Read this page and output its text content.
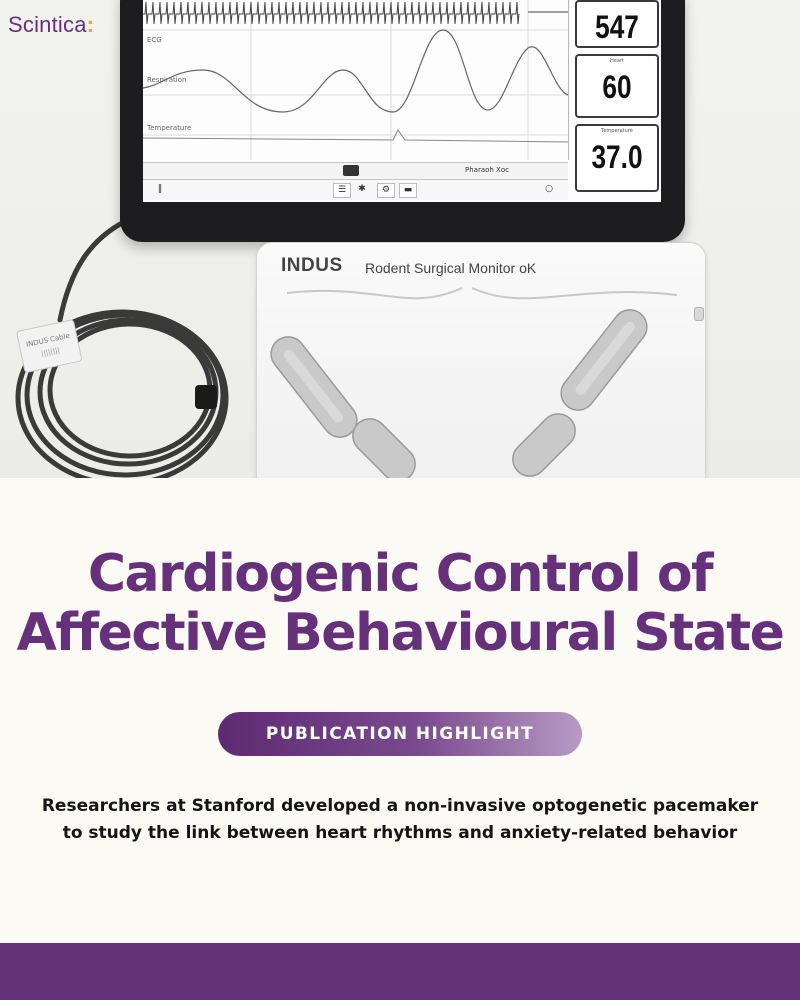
INDUS Cable
||||||||
ECG
Respiration
Temperature
Pharaoh Xoc
‖	☰	✱	⚙	▬	○
547
Heart
60
Temperature
37.0
INDUS Rodent Surgical Monitor oK
Scintica:
Cardiogenic Control of
Affective Behavioural State
PUBLICATION HIGHLIGHT

Researchers at Stanford developed a non-invasive optogenetic pacemaker to study the link between heart rhythms and anxiety-related behavior
